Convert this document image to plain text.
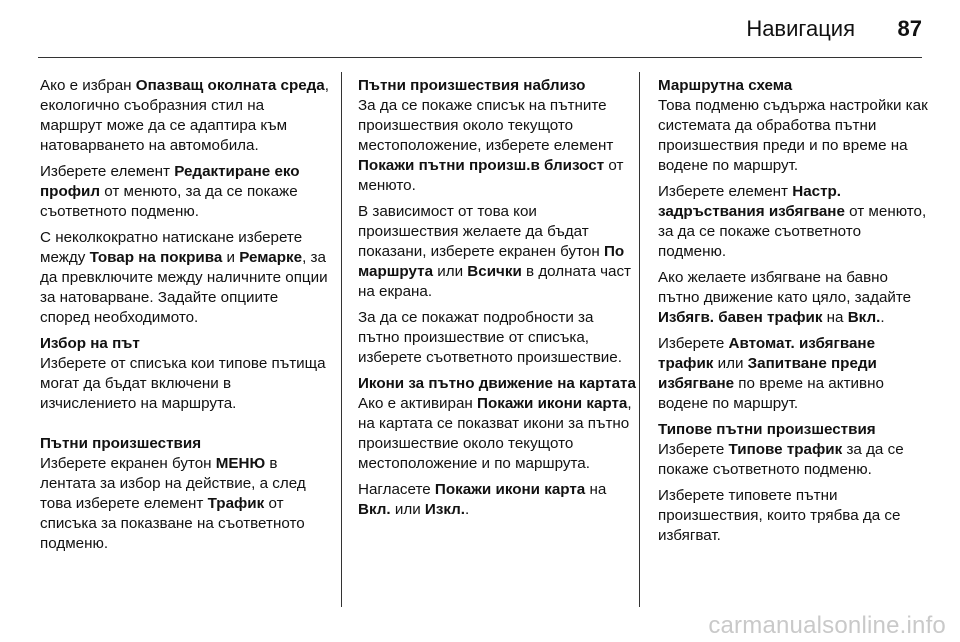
Навигация 87

Ако е избран Опазващ околната среда, екологично съобразния стил на маршрут може да се адаптира към натоварването на автомобила.

Изберете елемент Редактиране еко профил от менюто, за да се покаже съответното подменю.

С неколкократно натискане изберете между Товар на покрива и Ремарке, за да превключите между наличните опции за натоварване. Задайте опциите според необходимото.

Избор на път

Изберете от списъка кои типове пътища могат да бъдат включени в изчислението на маршрута.

Пътни произшествия

Изберете екранен бутон МЕНЮ в лентата за избор на действие, а след това изберете елемент Трафик от списъка за показване на съответното подменю.

Пътни произшествия наблизо

За да се покаже списък на пътните произшествия около текущото местоположение, изберете елемент Покажи пътни произш.в близост от менюто.

В зависимост от това кои произшествия желаете да бъдат показани, изберете екранен бутон По маршрута или Всички в долната част на екрана.

За да се покажат подробности за пътно произшествие от списъка, изберете съответното произшествие.

Икони за пътно движение на картата

Ако е активиран Покажи икони карта, на картата се показват икони за пътно произшествие около текущото местоположение и по маршрута.

Нагласете Покажи икони карта на Вкл. или Изкл..

Маршрутна схема

Това подменю съдържа настройки как системата да обработва пътни произшествия преди и по време на водене по маршрут.

Изберете елемент Настр. задръствания избягване от менюто, за да се покаже съответното подменю.

Ако желаете избягване на бавно пътно движение като цяло, задайте Избягв. бавен трафик на Вкл..

Изберете Автомат. избягване трафик или Запитване преди избягване по време на активно водене по маршрут.

Типове пътни произшествия

Изберете Типове трафик за да се покаже съответното подменю.

Изберете типовете пътни произшествия, които трябва да се избягват.

carmanualsonline.info
